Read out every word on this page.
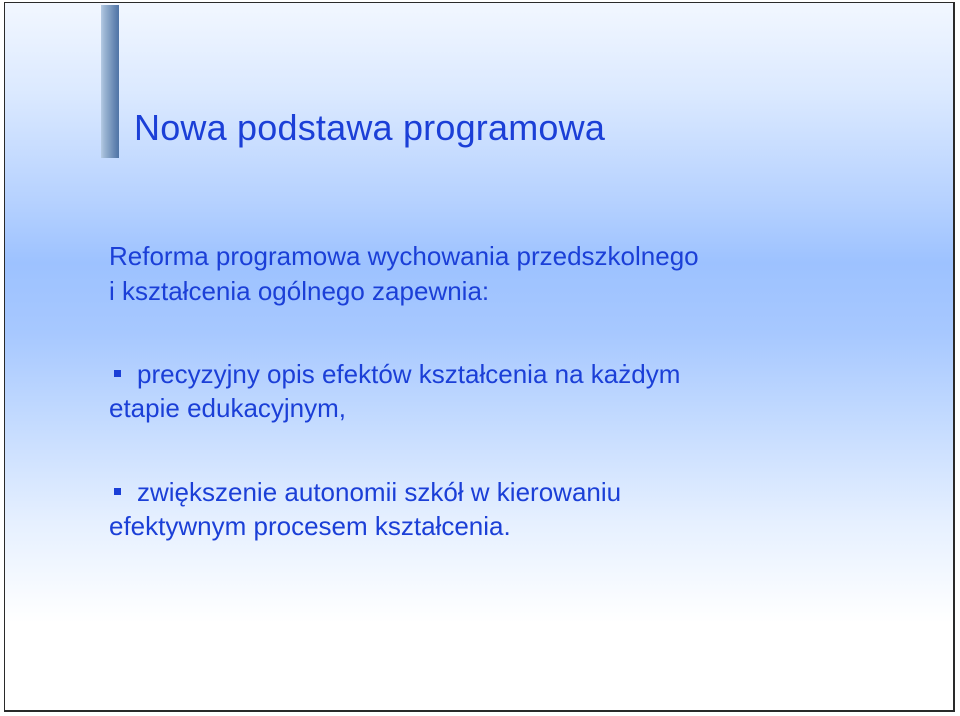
Nowa podstawa programowa
Reforma programowa wychowania przedszkolnego
i kształcenia ogólnego zapewnia:
precyzyjny opis efektów kształcenia na każdym
etapie edukacyjnym,
zwiększenie autonomii szkół w kierowaniu
efektywnym procesem kształcenia.
